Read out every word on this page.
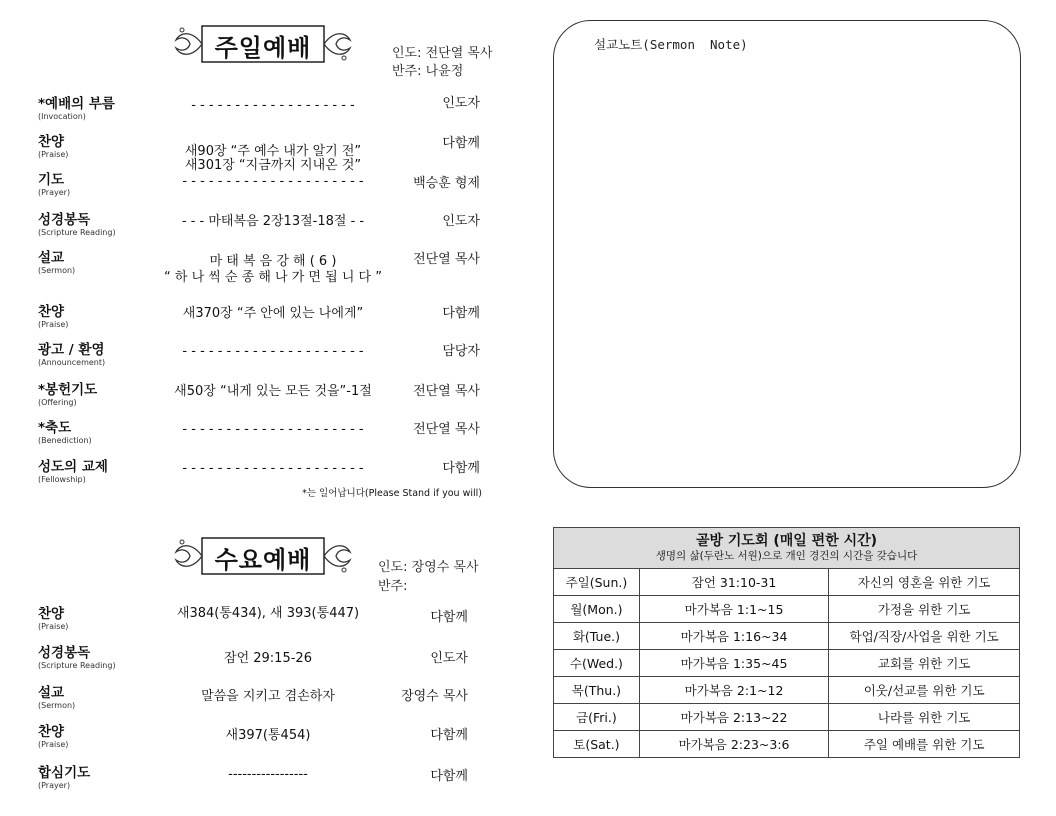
주일예배	인도: 전단열 목사
반주: 나윤정
*예배의 부름
(Invocation)
- - - - - - - - - - - - - - - - - - -	인도자
찬양
(Praise)	새90장 “주 예수 내가 알기 전”
새301장 “지금까지 지내온 것”
다함께
기도
(Prayer)
- - - - - - - - - - - - - - - - - - - - -	백승훈 형제
성경봉독
(Scripture Reading)
- - - 마태복음 2장13절-18절 - -	인도자
설교
(Sermon)
마 태 복 음 강 해 ( 6 )
“ 하 나 씩 순 종 해 나 가 면 됩 니 다 ”
전단열 목사
찬양
(Praise)
새370장 “주 안에 있는 나에게”	다함께
광고 / 환영
(Announcement)
- - - - - - - - - - - - - - - - - - - - -	담당자
*봉헌기도
(Offering)
새50장 “내게 있는 모든 것을”-1절	전단열 목사
*축도
(Benediction)
- - - - - - - - - - - - - - - - - - - - -	전단열 목사
성도의 교제
(Fellowship)
- - - - - - - - - - - - - - - - - - - - -	다함께
*는 일어납니다(Please Stand if you will)
수요예배	인도: 장영수 목사
반주:
찬양
(Praise)
새384(통434), 새 393(통447)	다함께
성경봉독
(Scripture Reading)	잠언 29:15-26	인도자
설교
(Sermon)
말씀을 지키고 겸손하자	장영수 목사
찬양
(Praise)
새397(통454)	다함께
합심기도
(Prayer)
-----------------	다함께
설교노트(Sermon  Note)
골방 기도회 (매일 편한 시간)
생명의 삶(두란노 서원)으로 개인 경건의 시간을 갖습니다		

주일(Sun.)	잠언 31:10-31	자신의 영혼을 위한 기도
월(Mon.)	마가복음 1:1~15	가정을 위한 기도
화(Tue.)	마가복음 1:16~34	학업/직장/사업을 위한 기도
수(Wed.)	마가복음 1:35~45	교회를 위한 기도
목(Thu.)	마가복음 2:1~12	이웃/선교를 위한 기도
금(Fri.)	마가복음 2:13~22	나라를 위한 기도
토(Sat.)	마가복음 2:23~3:6	주일 예배를 위한 기도
